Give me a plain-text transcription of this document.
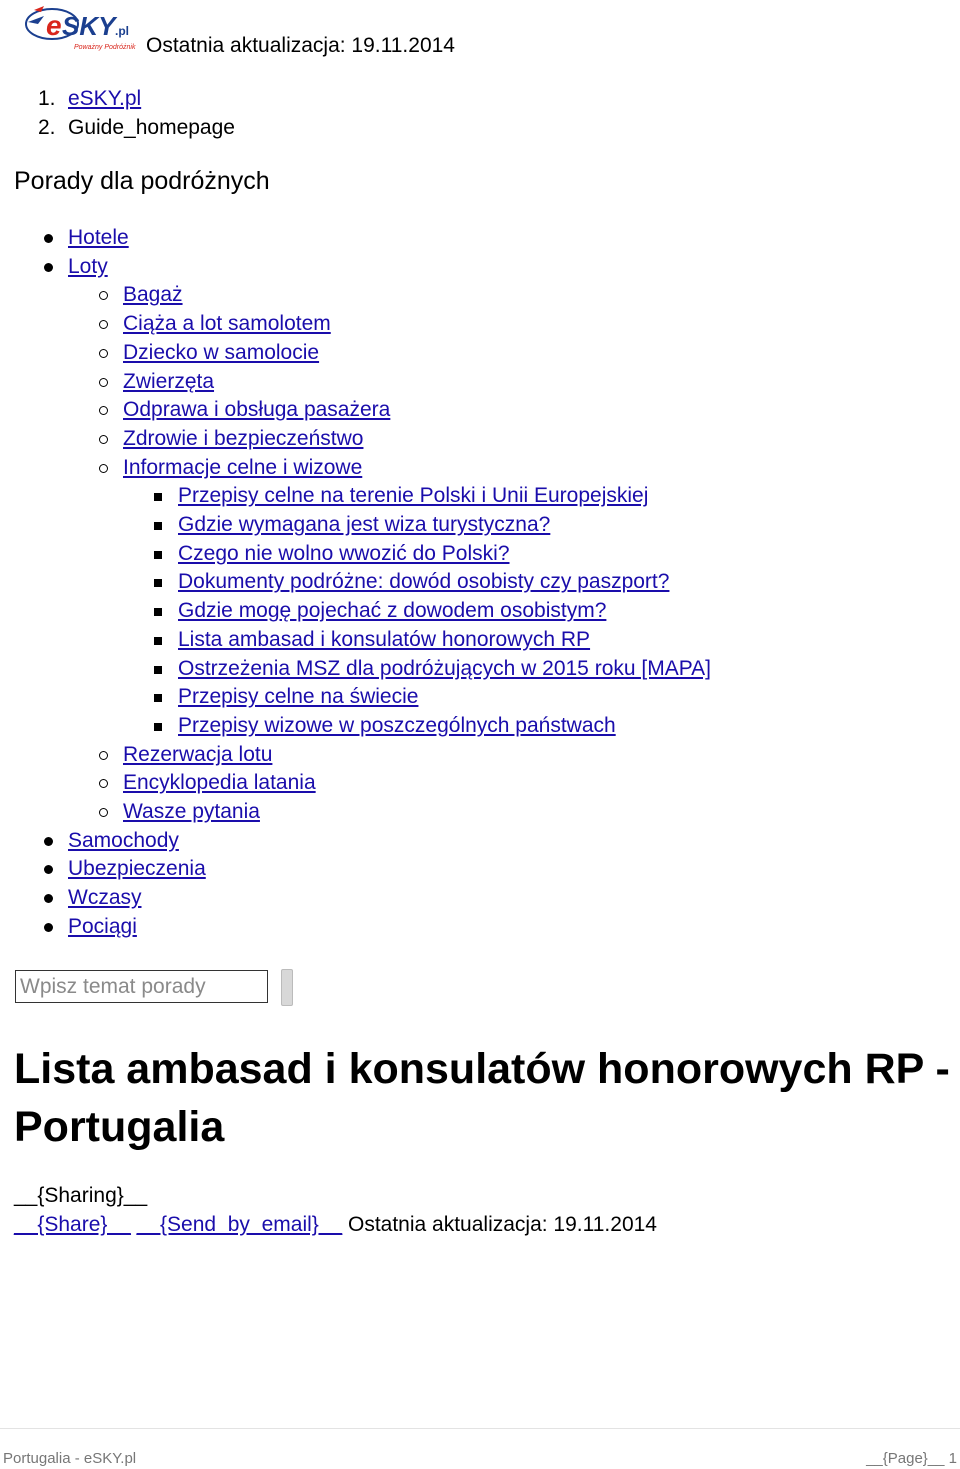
e SKY .pl
Poważny Podróżnik Ostatnia aktualizacja: 19.11.2014
1. eSKY.pl
2. Guide_homepage
Porady dla podróżnych
Hotele
Loty
Bagaż
Ciąża a lot samolotem
Dziecko w samolocie
Zwierzęta
Odprawa i obsługa pasażera
Zdrowie i bezpieczeństwo
Informacje celne i wizowe
Przepisy celne na terenie Polski i Unii Europejskiej
Gdzie wymagana jest wiza turystyczna?
Czego nie wolno wwozić do Polski?
Dokumenty podróżne: dowód osobisty czy paszport?
Gdzie mogę pojechać z dowodem osobistym?
Lista ambasad i konsulatów honorowych RP
Ostrzeżenia MSZ dla podróżujących w 2015 roku [MAPA]
Przepisy celne na świecie
Przepisy wizowe w poszczególnych państwach
Rezerwacja lotu
Encyklopedia latania
Wasze pytania
Samochody
Ubezpieczenia
Wczasy
Pociągi
Wpisz temat porady
Lista ambasad i konsulatów honorowych RP - Portugalia
__{Sharing}__
__{Share}__ __{Send_by_email}__ Ostatnia aktualizacja: 19.11.2014
Portugalia - eSKY.pl	__{Page}__ 1
